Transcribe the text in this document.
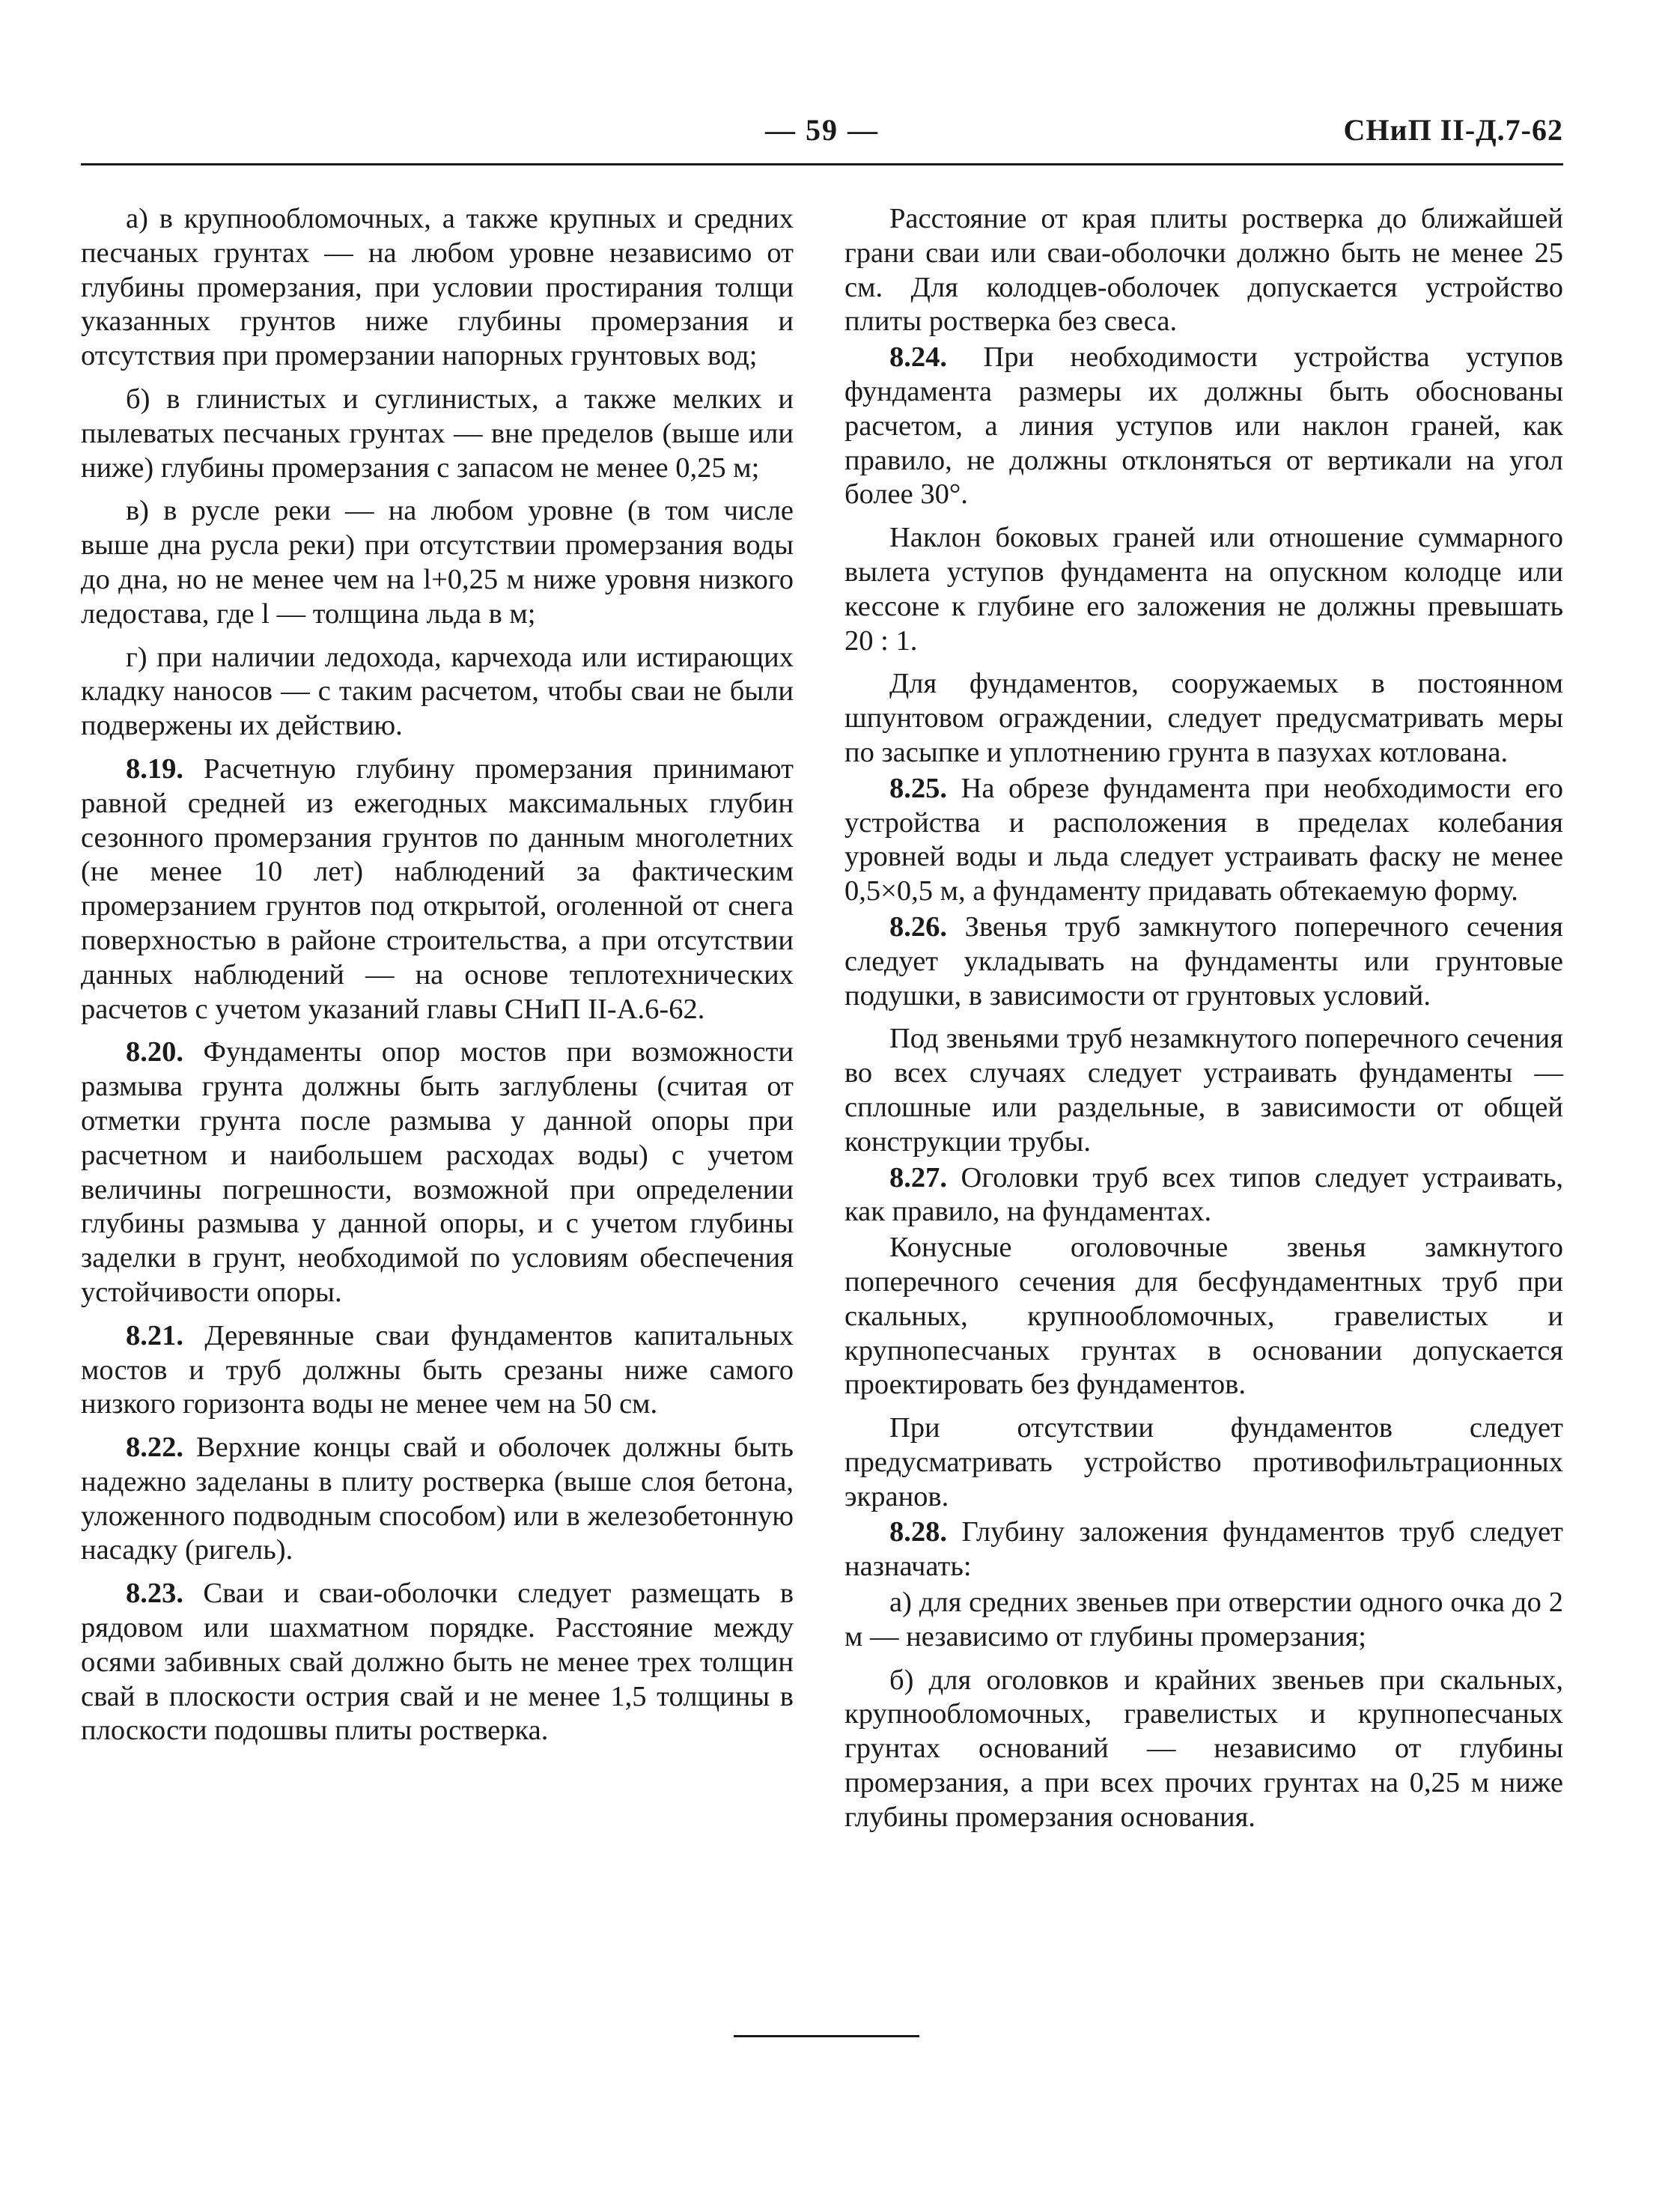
— 59 —	СНиП II-Д.7-62

а) в крупнообломочных, а также крупных и средних песчаных грунтах — на любом уровне независимо от глубины промерзания, при условии простирания толщи указанных грунтов ниже глубины промерзания и отсутствия при промерзании напорных грунтовых вод;

б) в глинистых и суглинистых, а также мелких и пылеватых песчаных грунтах — вне пределов (выше или ниже) глубины промерзания с запасом не менее 0,25 м;

в) в русле реки — на любом уровне (в том числе выше дна русла реки) при отсутствии промерзания воды до дна, но не менее чем на l+0,25 м ниже уровня низкого ледостава, где l — толщина льда в м;

г) при наличии ледохода, карчехода или истирающих кладку наносов — с таким расчетом, чтобы сваи не были подвержены их действию.

8.19. Расчетную глубину промерзания принимают равной средней из ежегодных максимальных глубин сезонного промерзания грунтов по данным многолетних (не менее 10 лет) наблюдений за фактическим промерзанием грунтов под открытой, оголенной от снега поверхностью в районе строительства, а при отсутствии данных наблюдений — на основе теплотехнических расчетов с учетом указаний главы СНиП II-А.6-62.

8.20. Фундаменты опор мостов при возможности размыва грунта должны быть заглублены (считая от отметки грунта после размыва у данной опоры при расчетном и наибольшем расходах воды) с учетом величины погрешности, возможной при определении глубины размыва у данной опоры, и с учетом глубины заделки в грунт, необходимой по условиям обеспечения устойчивости опоры.

8.21. Деревянные сваи фундаментов капитальных мостов и труб должны быть срезаны ниже самого низкого горизонта воды не менее чем на 50 см.

8.22. Верхние концы свай и оболочек должны быть надежно заделаны в плиту ростверка (выше слоя бетона, уложенного подводным способом) или в железобетонную насадку (ригель).

8.23. Сваи и сваи-оболочки следует размещать в рядовом или шахматном порядке. Расстояние между осями забивных свай должно быть не менее трех толщин свай в плоскости острия свай и не менее 1,5 толщины в плоскости подошвы плиты ростверка.

Расстояние от края плиты ростверка до ближайшей грани сваи или сваи-оболочки должно быть не менее 25 см. Для колодцев-оболочек допускается устройство плиты ростверка без свеса.

8.24. При необходимости устройства уступов фундамента размеры их должны быть обоснованы расчетом, а линия уступов или наклон граней, как правило, не должны отклоняться от вертикали на угол более 30°.

Наклон боковых граней или отношение суммарного вылета уступов фундамента на опускном колодце или кессоне к глубине его заложения не должны превышать 20 : 1.

Для фундаментов, сооружаемых в постоянном шпунтовом ограждении, следует предусматривать меры по засыпке и уплотнению грунта в пазухах котлована.

8.25. На обрезе фундамента при необходимости его устройства и расположения в пределах колебания уровней воды и льда следует устраивать фаску не менее 0,5×0,5 м, а фундаменту придавать обтекаемую форму.

8.26. Звенья труб замкнутого поперечного сечения следует укладывать на фундаменты или грунтовые подушки, в зависимости от грунтовых условий.

Под звеньями труб незамкнутого поперечного сечения во всех случаях следует устраивать фундаменты — сплошные или раздельные, в зависимости от общей конструкции трубы.

8.27. Оголовки труб всех типов следует устраивать, как правило, на фундаментах.

Конусные оголовочные звенья замкнутого поперечного сечения для бесфундаментных труб при скальных, крупнообломочных, гравелистых и крупнопесчаных грунтах в основании допускается проектировать без фундаментов.

При отсутствии фундаментов следует предусматривать устройство противофильтрационных экранов.

8.28. Глубину заложения фундаментов труб следует назначать:

а) для средних звеньев при отверстии одного очка до 2 м — независимо от глубины промерзания;

б) для оголовков и крайних звеньев при скальных, крупнообломочных, гравелистых и крупнопесчаных грунтах оснований — независимо от глубины промерзания, а при всех прочих грунтах на 0,25 м ниже глубины промерзания основания.
